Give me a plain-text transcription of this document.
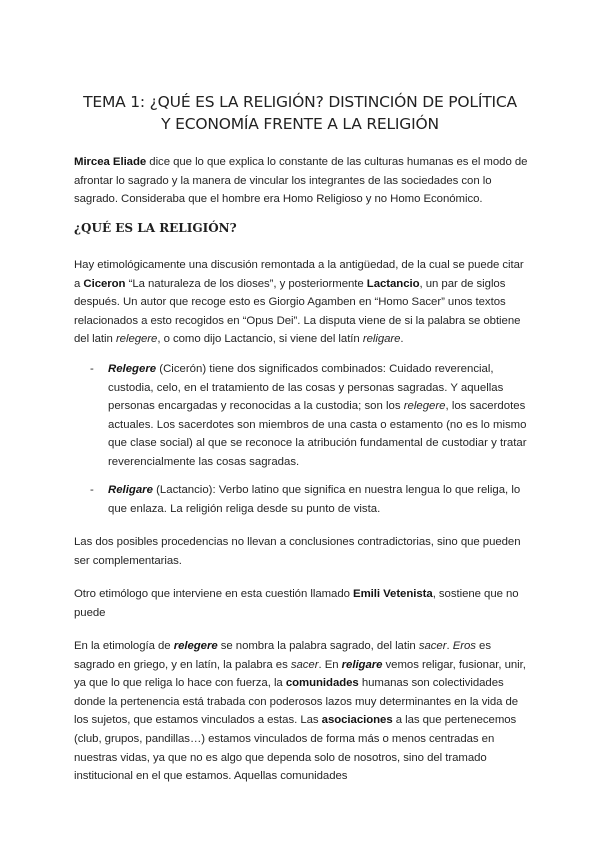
TEMA 1: ¿QUÉ ES LA RELIGIÓN? DISTINCIÓN DE POLÍTICA
Y ECONOMÍA FRENTE A LA RELIGIÓN

Mircea Eliade dice que lo que explica lo constante de las culturas humanas es el modo de afrontar lo sagrado y la manera de vincular los integrantes de las sociedades con lo sagrado. Consideraba que el hombre era Homo Religioso y no Homo Económico.

¿QUÉ ES LA RELIGIÓN?

Hay etimológicamente una discusión remontada a la antigüedad, de la cual se puede citar a Ciceron “La naturaleza de los dioses”, y posteriormente Lactancio, un par de siglos después. Un autor que recoge esto es Giorgio Agamben en “Homo Sacer” unos textos relacionados a esto recogidos en “Opus Dei”. La disputa viene de si la palabra se obtiene del latin relegere, o como dijo Lactancio, si viene del latín religare.

- Relegere (Cicerón) tiene dos significados combinados: Cuidado reverencial, custodia, celo, en el tratamiento de las cosas y personas sagradas. Y aquellas personas encargadas y reconocidas a la custodia; son los relegere, los sacerdotes actuales. Los sacerdotes son miembros de una casta o estamento (no es lo mismo que clase social) al que se reconoce la atribución fundamental de custodiar y tratar reverencialmente las cosas sagradas.
- Religare (Lactancio): Verbo latino que significa en nuestra lengua lo que religa, lo que enlaza. La religión religa desde su punto de vista.

Las dos posibles procedencias no llevan a conclusiones contradictorias, sino que pueden ser complementarias.

Otro etimólogo que interviene en esta cuestión llamado Emili Vetenista, sostiene que no puede

En la etimología de relegere se nombra la palabra sagrado, del latin sacer. Eros es sagrado en griego, y en latín, la palabra es sacer. En religare vemos religar, fusionar, unir, ya que lo que religa lo hace con fuerza, la comunidades humanas son colectividades donde la pertenencia está trabada con poderosos lazos muy determinantes en la vida de los sujetos, que estamos vinculados a estas. Las asociaciones a las que pertenecemos (club, grupos, pandillas…) estamos vinculados de forma más o menos centradas en nuestras vidas, ya que no es algo que dependa solo de nosotros, sino del tramado institucional en el que estamos. Aquellas comunidades
